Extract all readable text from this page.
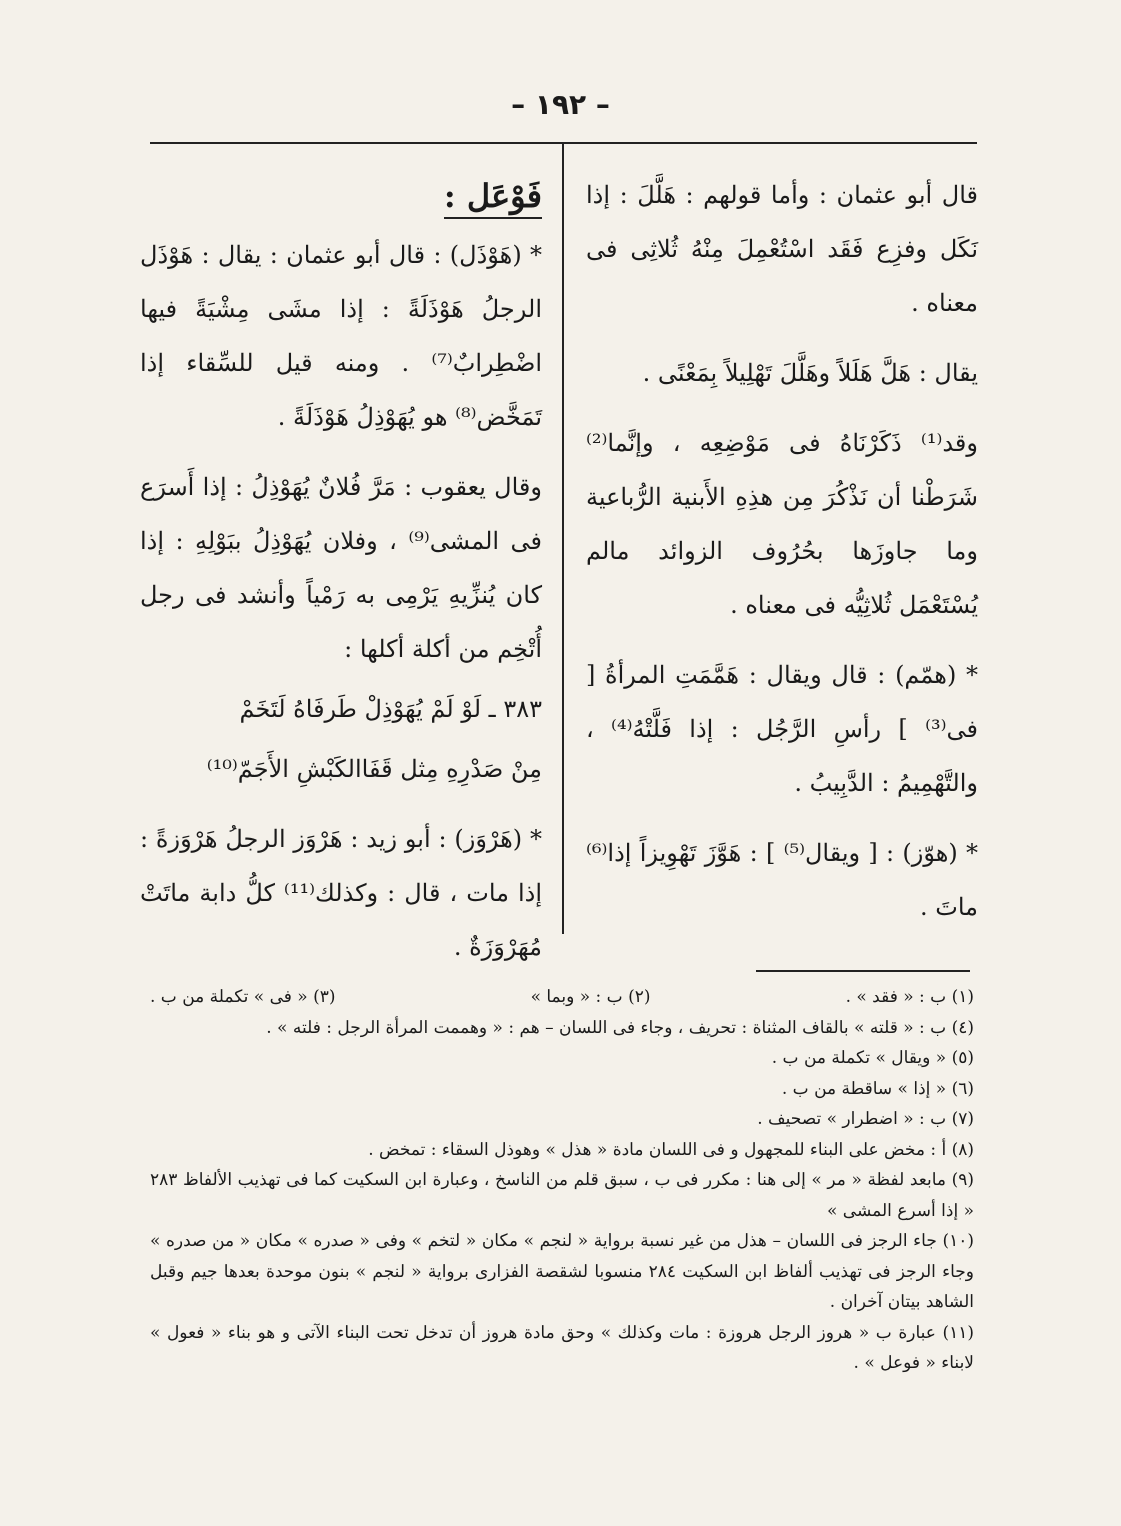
– ١٩٢ –

قال أبو عثمان : وأما قولهم : هَلَّلَ : إذا نَكَل وفزِع فَقَد اسْتُعْمِلَ مِنْهُ ثُلاثِى فى معناه .

يقال : هَلَّ هَلَلاً وهَلَّلَ تَهْلِيلاً بِمَعْنًى .

وقد⁽¹⁾ ذَكَرْنَاهُ فى مَوْضِعِه ، وإنَّما⁽²⁾ شَرَطْنا أن نَذْكُرَ مِن هذِهِ الأَبنية الرُّباعية وما جاوزَها بحُرُوف الزوائد مالم يُسْتَعْمَل ثُلاثِيُّه فى معناه .

* (همّم) : قال ويقال : هَمَّمَتِ المرأةُ [ فى⁽³⁾ ] رأسِ الرَّجُل : إذا فَلَّتْهُ⁽⁴⁾ ، والتَّهْمِيمُ : الدَّبِيبُ .

* (هوّز) : [ ويقال⁽⁵⁾ ] : هَوَّزَ تَهْوِيزاً إذا⁽⁶⁾ ماتَ .

فَوْعَل :

* (هَوْذَل) : قال أبو عثمان : يقال : هَوْذَل الرجلُ هَوْذَلَةً : إذا مشَى مِشْيَةً فيها اضْطِرابٌ⁽⁷⁾ . ومنه قيل للسِّقاء إذا تَمَخَّض⁽⁸⁾ هو يُهَوْذِلُ هَوْذَلَةً .

وقال يعقوب : مَرَّ فُلانٌ يُهَوْذِلُ : إذا أَسرَع فى المشى⁽⁹⁾ ، وفلان يُهَوْذِلُ ببَوْلِهِ : إذا كان يُنزِّيهِ يَرْمِى به رَمْياً وأنشد فى رجل أُتْخِم من أكلة أكلها :

٣٨٣ ـ لَوْ لَمْ يُهَوْذِلْ طَرفَاهُ لَتَخَمْ

مِنْ صَدْرِهِ مِثل قَفَاالكَبْشِ الأَجَمّ⁽¹⁰⁾

* (هَرْوَز) : أبو زيد : هَرْوَز الرجلُ هَرْوَزةً : إذا مات ، قال : وكذلك⁽¹¹⁾ كلُّ دابة ماتَتْ مُهَرْوَزَةٌ .

(١) ب : « فقد » .
(٢) ب : « وبما »
(٣) « فى » تكملة من ب .

(٤) ب : « قلته » بالقاف المثناة : تحريف ، وجاء فى اللسان – هم : « وهممت المرأة الرجل : فلته » .

(٥) « ويقال » تكملة من ب .

(٦) « إذا » ساقطة من ب .

(٧) ب : « اضطرار » تصحيف .

(٨) أ : مخض على البناء للمجهول و فى اللسان مادة « هذل » وهوذل السقاء : تمخض .

(٩) مابعد لفظة « مر » إلى هنا : مكرر فى ب ، سبق قلم من الناسخ ، وعبارة ابن السكيت كما فى تهذيب الألفاظ ٢٨٣ « إذا أسرع المشى »

(١٠) جاء الرجز فى اللسان – هذل من غير نسبة برواية « لنجم » مكان « لتخم » وفى « صدره » مكان « من صدره » وجاء الرجز فى تهذيب ألفاظ ابن السكيت ٢٨٤ منسوبا لشقصة الفزارى برواية « لنجم » بنون موحدة بعدها جيم وقبل الشاهد بيتان آخران .

(١١) عبارة ب « هروز الرجل هروزة : مات وكذلك » وحق مادة هروز أن تدخل تحت البناء الآتى و هو بناء « فعول » لابناء « فوعل » .
